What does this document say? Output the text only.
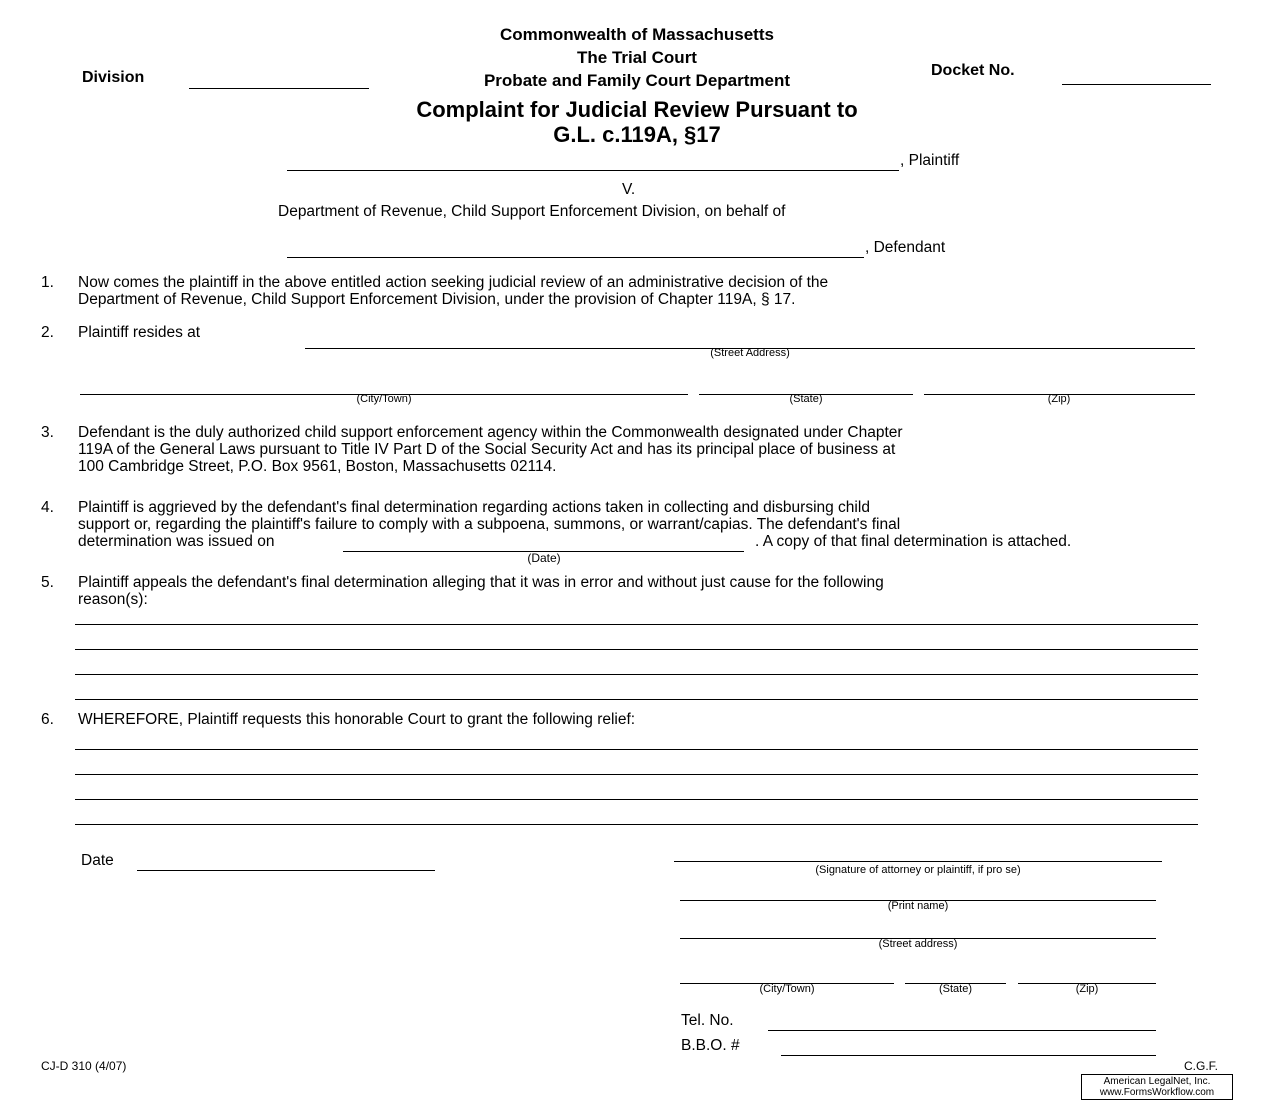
Commonwealth of Massachusetts
The Trial Court
Probate and Family Court Department
Division	Docket No.
Complaint for Judicial Review Pursuant to
G.L. c.119A, §17
, Plaintiff
V.
Department of Revenue, Child Support Enforcement Division, on behalf of
, Defendant
1. Now comes the plaintiff in the above entitled action seeking judicial review of an administrative decision of the
Department of Revenue, Child Support Enforcement Division, under the provision of Chapter 119A, § 17.
2. Plaintiff resides at
(Street Address)
(City/Town)	(State)	(Zip)
3. Defendant is the duly authorized child support enforcement agency within the Commonwealth designated under Chapter
119A of the General Laws pursuant to Title IV Part D of the Social Security Act and has its principal place of business at
100 Cambridge Street, P.O. Box 9561, Boston, Massachusetts 02114.
4. Plaintiff is aggrieved by the defendant's final determination regarding actions taken in collecting and disbursing child
support or, regarding the plaintiff's failure to comply with a subpoena, summons, or warrant/capias. The defendant's final
determination was issued on	. A copy of that final determination is attached.
(Date)
5. Plaintiff appeals the defendant's final determination alleging that it was in error and without just cause for the following
reason(s):
6. WHEREFORE, Plaintiff requests this honorable Court to grant the following relief:
Date
(Signature of attorney or plaintiff, if pro se)
(Print name)
(Street address)
(City/Town)	(State)	(Zip)
Tel. No.
B.B.O. #
CJ-D 310 (4/07)	C.G.F.
American LegalNet, Inc.
www.FormsWorkflow.com
